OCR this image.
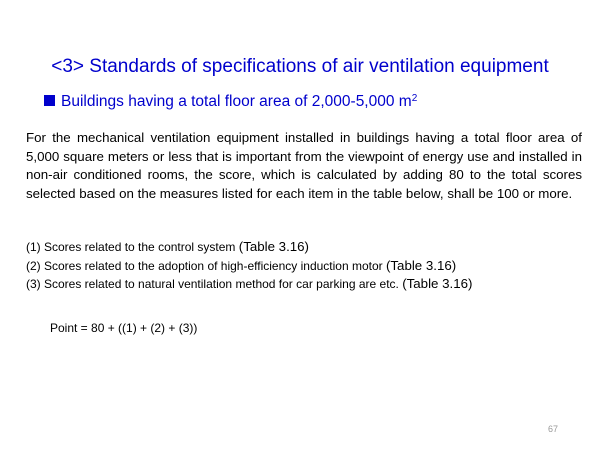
<3> Standards of specifications of air ventilation equipment
Buildings having a total floor area of 2,000-5,000 $m^2$
For the mechanical ventilation equipment installed in buildings having a total floor area of 5,000 square meters or less that is important from the viewpoint of energy use and installed in non-air conditioned rooms, the score, which is calculated by adding 80 to the total scores selected based on the measures listed for each item in the table below, shall be 100 or more.
(1) Scores related to the control system (Table 3.16)
(2) Scores related to the adoption of high-efficiency induction motor (Table 3.16)
(3) Scores related to natural ventilation method for car parking are etc. (Table 3.16)
Point = 80 + ((1) + (2) + (3))
67
